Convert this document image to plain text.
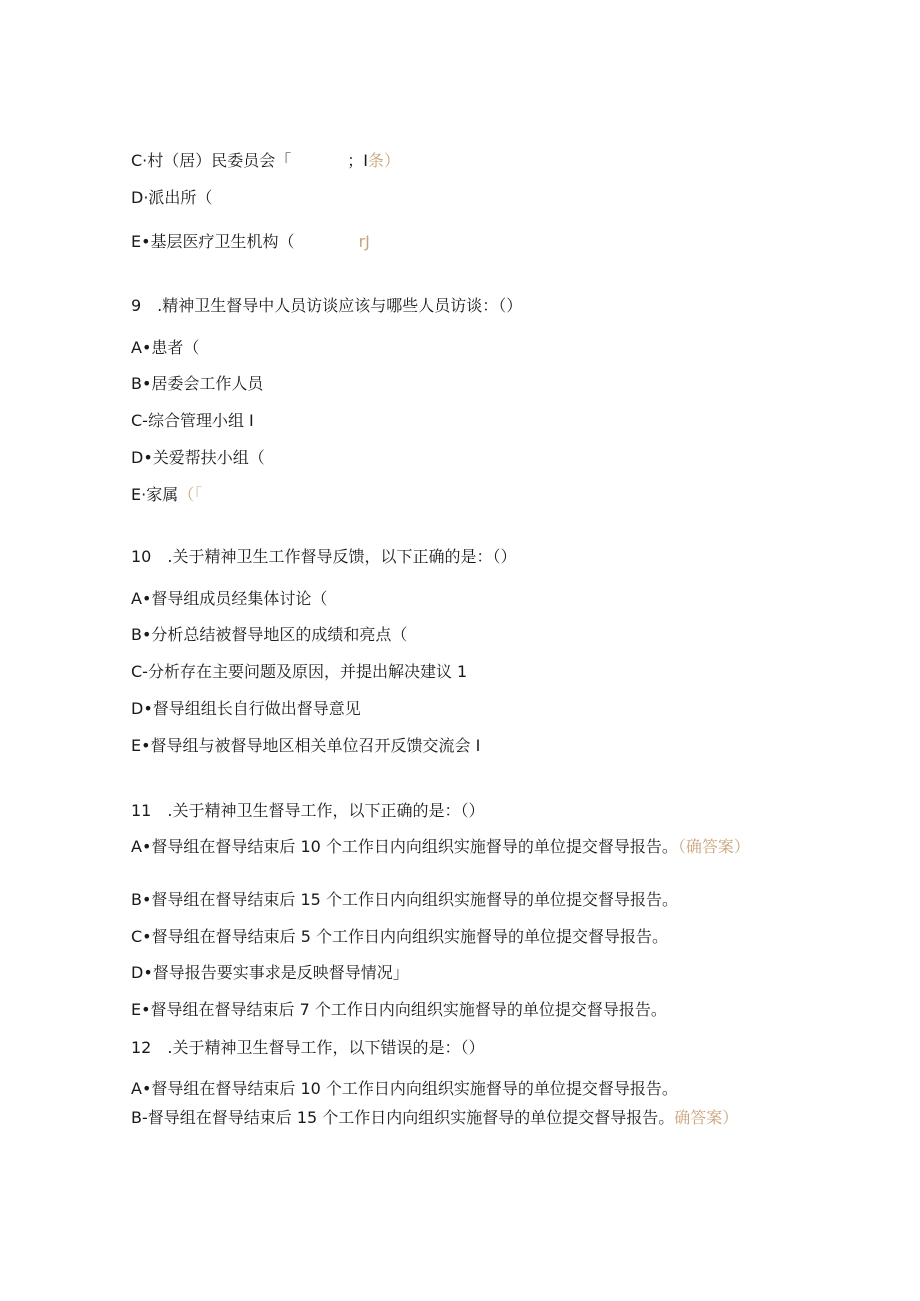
C·村（居）民委员会「	；I条）
D·派出所（
E•基层医疗卫生机构（	rJ
9　.精神卫生督导中人员访谈应该与哪些人员访谈：（）
A•患者（
B•居委会工作人员
C-综合管理小组 I
D•关爱帮扶小组（
E·家属（「
10　.关于精神卫生工作督导反馈，以下正确的是：（）
A•督导组成员经集体讨论（
B•分析总结被督导地区的成绩和亮点（
C-分析存在主要问题及原因，并提出解决建议 1
D•督导组组长自行做出督导意见
E•督导组与被督导地区相关单位召开反馈交流会 I
11　.关于精神卫生督导工作，以下正确的是：（）
A•督导组在督导结束后 10 个工作日内向组织实施督导的单位提交督导报告。（确答案）
B•督导组在督导结束后 15 个工作日内向组织实施督导的单位提交督导报告。
C•督导组在督导结束后 5 个工作日内向组织实施督导的单位提交督导报告。
D•督导报告要实事求是反映督导情况」
E•督导组在督导结束后 7 个工作日内向组织实施督导的单位提交督导报告。
12　.关于精神卫生督导工作，以下错误的是：（）
A•督导组在督导结束后 10 个工作日内向组织实施督导的单位提交督导报告。
B-督导组在督导结束后 15 个工作日内向组织实施督导的单位提交督导报告。确答案）
